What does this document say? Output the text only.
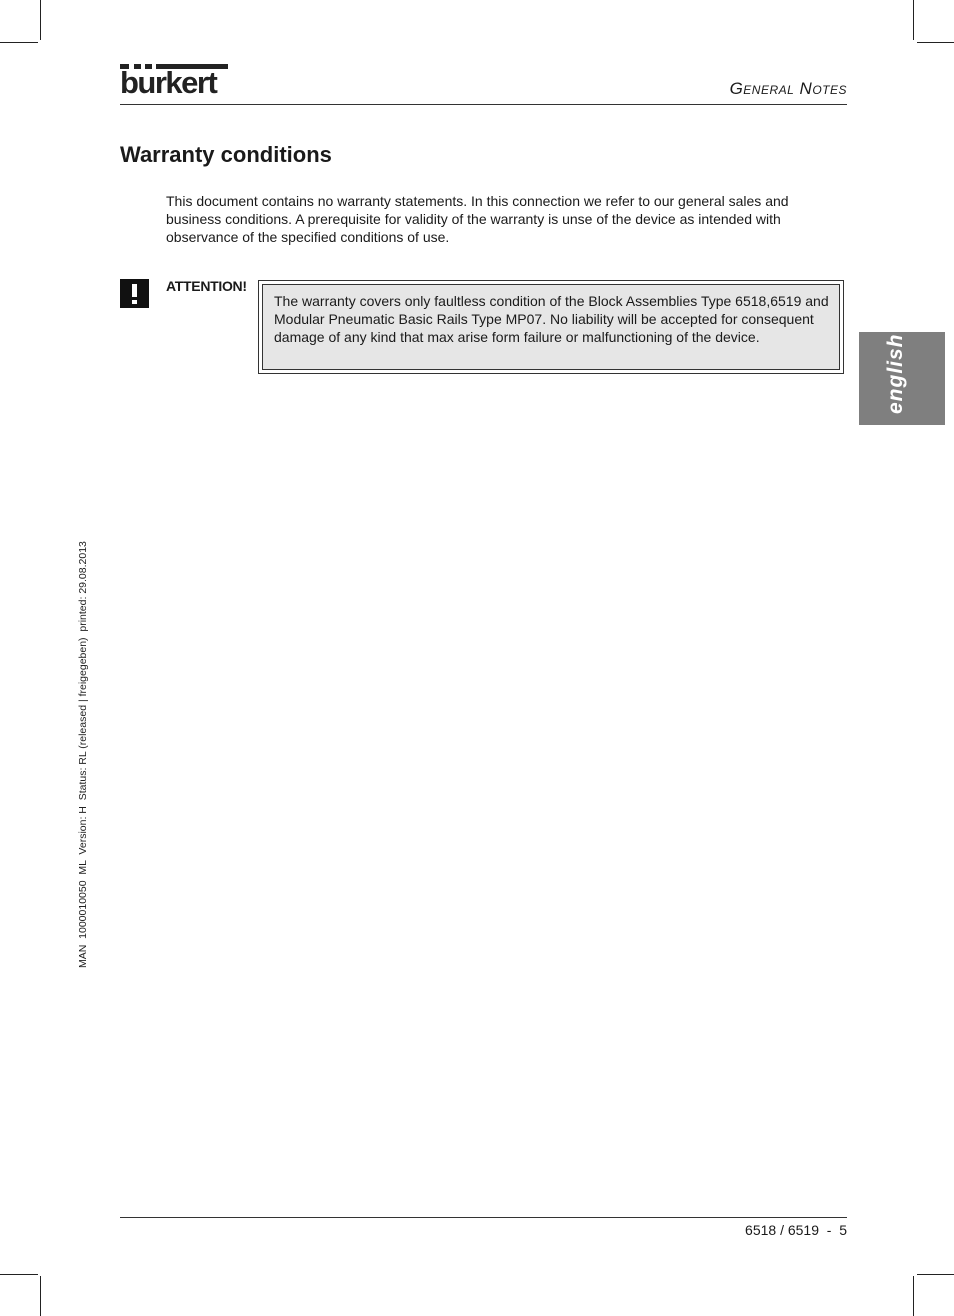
burkert	General Notes
Warranty conditions

This document contains no warranty statements. In this connection we refer to our general sales and business conditions. A prerequisite for validity of the warranty is unse of the device as intended with observance of the specified conditions of use.

ATTENTION!
The warranty covers only faultless condition of the Block Assemblies Type 6518,6519 and Modular Pneumatic Basic Rails Type MP07. No liability will be accepted for consequent damage of any kind that max arise form failure or malfunctioning of the device.	english
MAN  1000010050  ML  Version: H  Status: RL (released | freigegeben)  printed: 29.08.2013
6518 / 6519  -  5
